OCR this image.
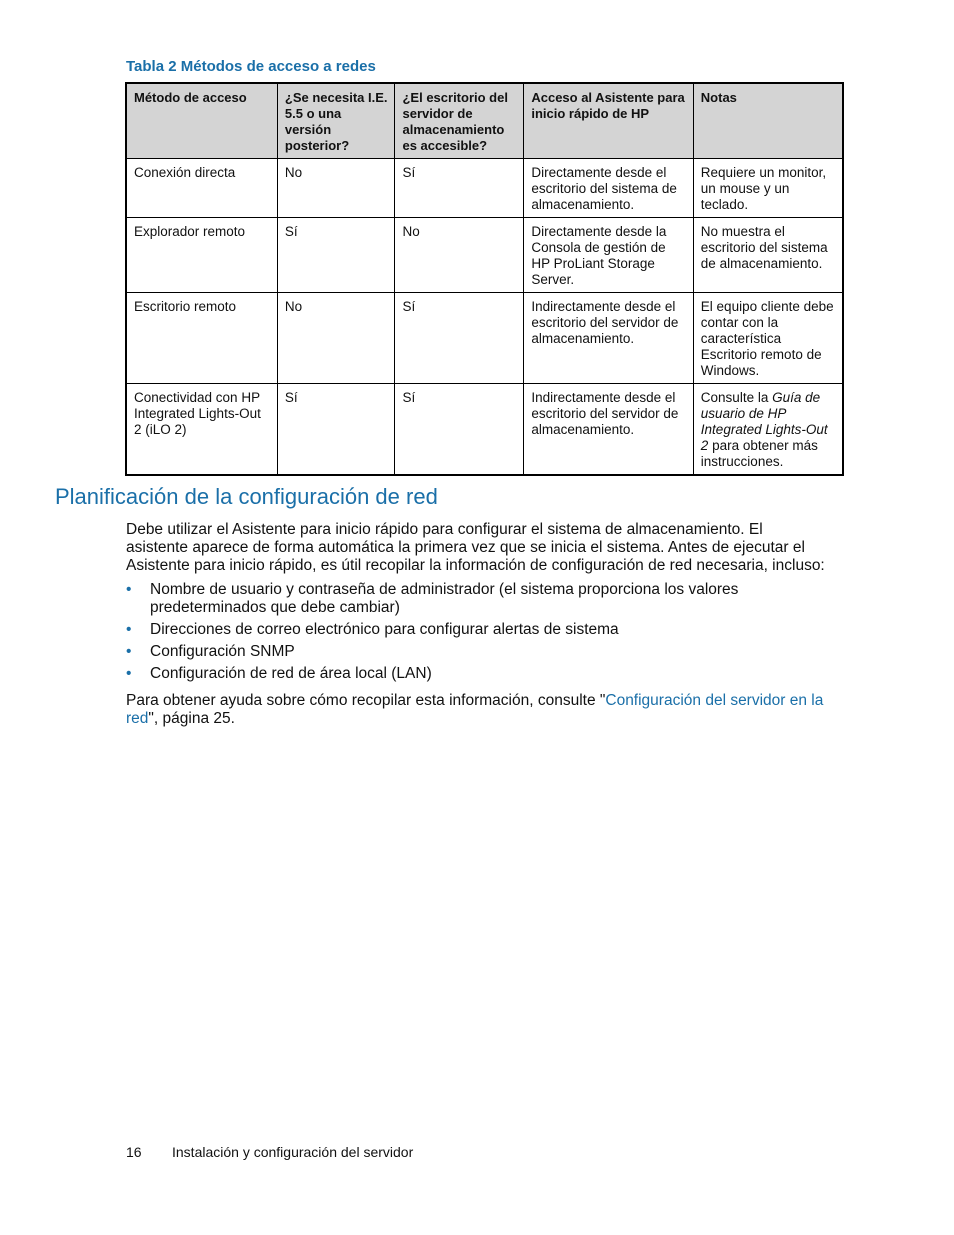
Tabla 2 Métodos de acceso a redes
Método de acceso	¿Se necesita I.E. 5.5 o una versión posterior?	¿El escritorio del servidor de almacenamiento es accesible?	Acceso al Asistente para inicio rápido de HP	Notas
Conexión directa	No	Sí	Directamente desde el escritorio del sistema de almacenamiento.	Requiere un monitor, un mouse y un teclado.
Explorador remoto	Sí	No	Directamente desde la Consola de gestión de HP ProLiant Storage Server.	No muestra el escritorio del sistema de almacenamiento.
Escritorio remoto	No	Sí	Indirectamente desde el escritorio del servidor de almacenamiento.	El equipo cliente debe contar con la característica Escritorio remoto de Windows.
Conectividad con HP Integrated Lights-Out 2 (iLO 2)	Sí	Sí	Indirectamente desde el escritorio del servidor de almacenamiento.	Consulte la Guía de usuario de HP Integrated Lights-Out 2 para obtener más instrucciones.
Planificación de la configuración de red

Debe utilizar el Asistente para inicio rápido para configurar el sistema de almacenamiento. El asistente aparece de forma automática la primera vez que se inicia el sistema. Antes de ejecutar el Asistente para inicio rápido, es útil recopilar la información de configuración de red necesaria, incluso:

• Nombre de usuario y contraseña de administrador (el sistema proporciona los valores predeterminados que debe cambiar)
• Direcciones de correo electrónico para configurar alertas de sistema
• Configuración SNMP
• Configuración de red de área local (LAN)

Para obtener ayuda sobre cómo recopilar esta información, consulte "Configuración del servidor en la red", página 25.

16 Instalación y configuración del servidor
